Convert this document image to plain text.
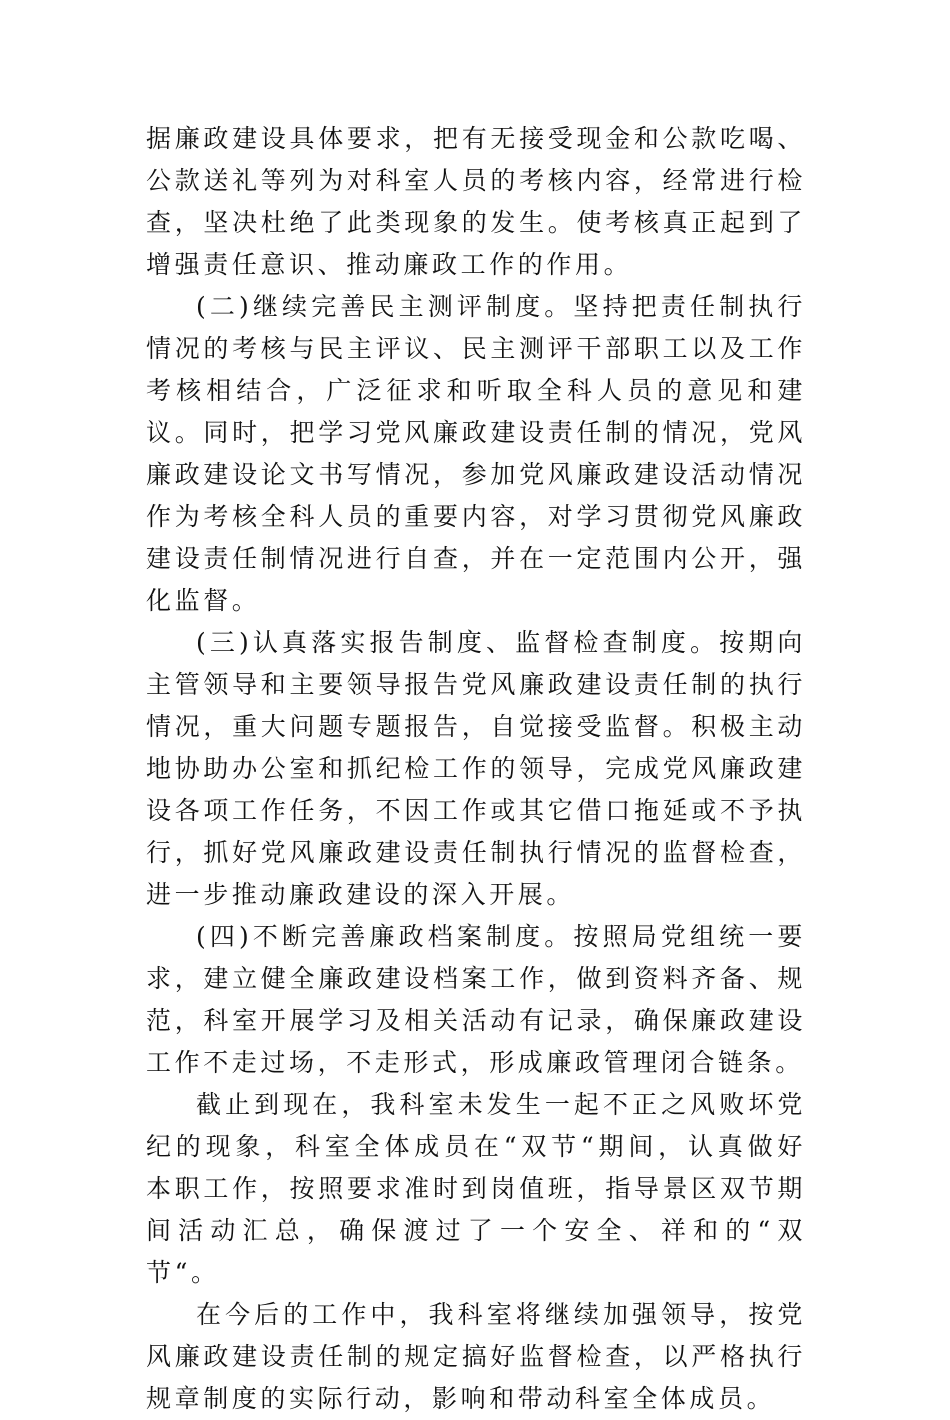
据廉政建设具体要求，把有无接受现金和公款吃喝、公款送礼等列为对科室人员的考核内容，经常进行检查，坚决杜绝了此类现象的发生。使考核真正起到了增强责任意识、推动廉政工作的作用。

(二)继续完善民主测评制度。坚持把责任制执行情况的考核与民主评议、民主测评干部职工以及工作考核相结合，广泛征求和听取全科人员的意见和建议。同时，把学习党风廉政建设责任制的情况，党风廉政建设论文书写情况，参加党风廉政建设活动情况作为考核全科人员的重要内容，对学习贯彻党风廉政建设责任制情况进行自查，并在一定范围内公开，强化监督。

(三)认真落实报告制度、监督检查制度。按期向主管领导和主要领导报告党风廉政建设责任制的执行情况，重大问题专题报告，自觉接受监督。积极主动地协助办公室和抓纪检工作的领导，完成党风廉政建设各项工作任务，不因工作或其它借口拖延或不予执行，抓好党风廉政建设责任制执行情况的监督检查，进一步推动廉政建设的深入开展。

(四)不断完善廉政档案制度。按照局党组统一要求，建立健全廉政建设档案工作，做到资料齐备、规范，科室开展学习及相关活动有记录，确保廉政建设工作不走过场，不走形式，形成廉政管理闭合链条。

截止到现在，我科室未发生一起不正之风败坏党纪的现象，科室全体成员在“双节“期间，认真做好本职工作，按照要求准时到岗值班，指导景区双节期间活动汇总，确保渡过了一个安全、祥和的“双节“。

在今后的工作中，我科室将继续加强领导，按党风廉政建设责任制的规定搞好监督检查，以严格执行规章制度的实际行动，影响和带动科室全体成员。
